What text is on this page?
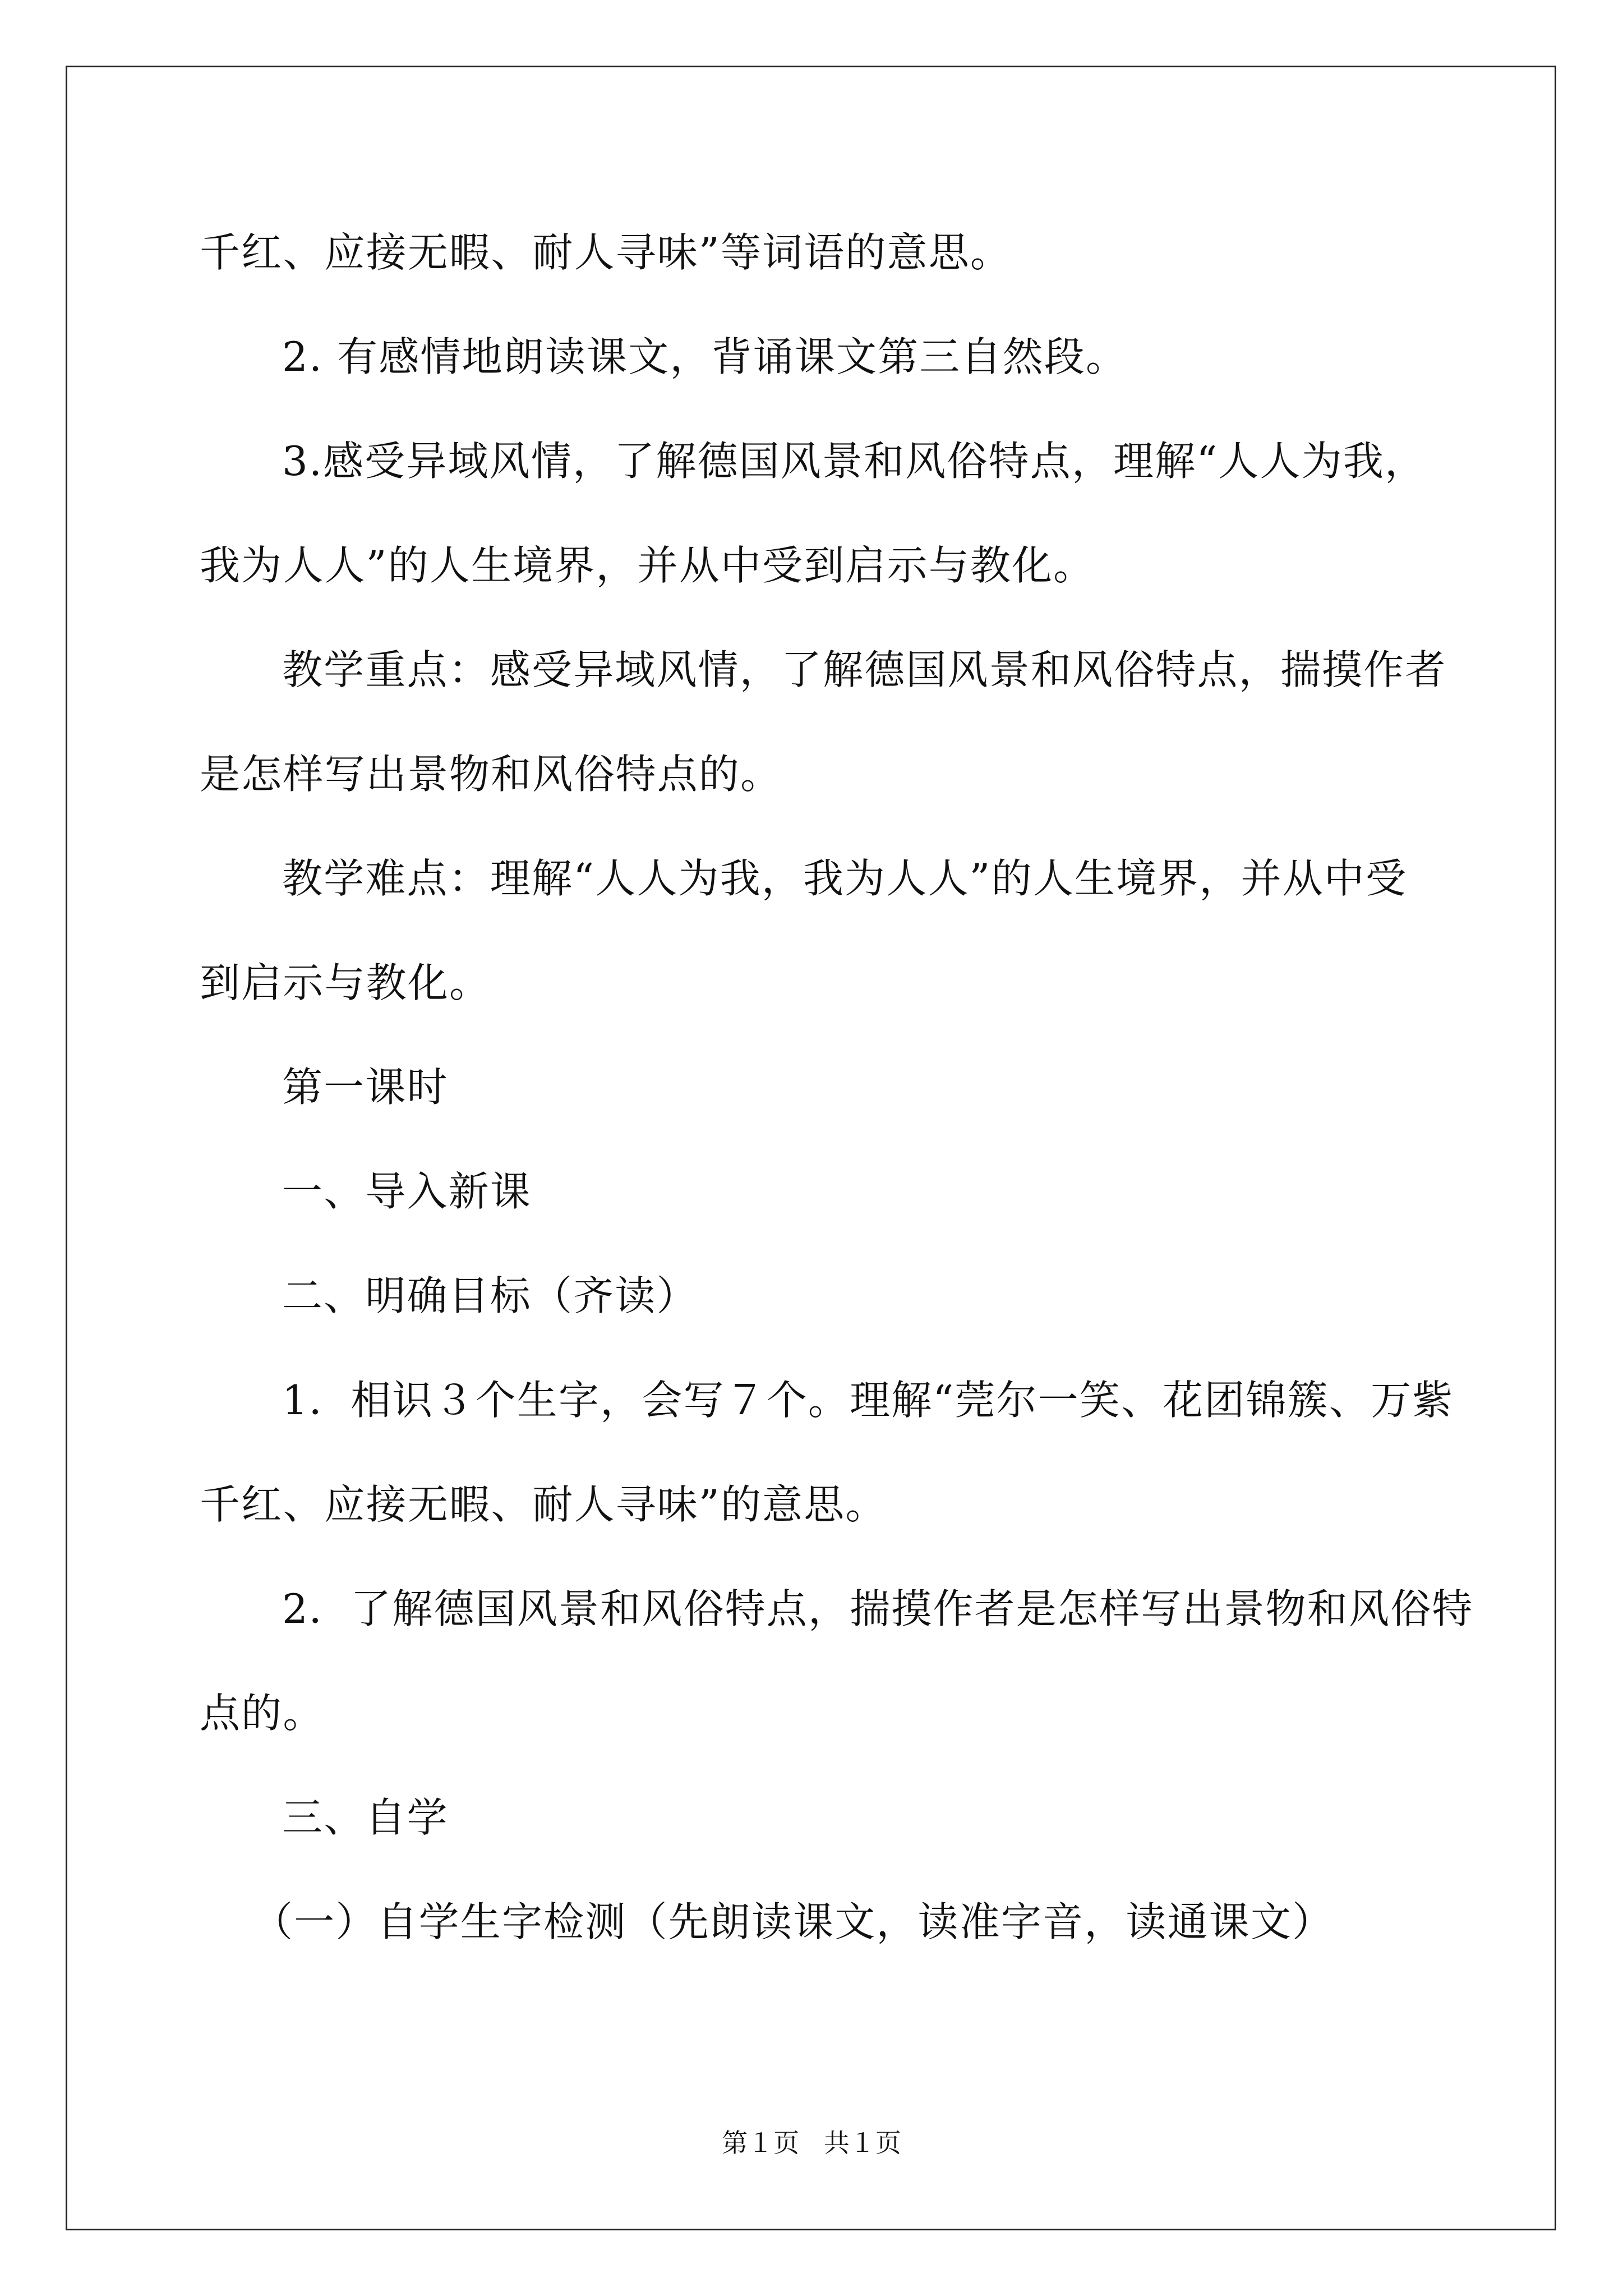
千红、应接无暇、耐人寻味”等词语的意思。
2. 有感情地朗读课文，背诵课文第三自然段。
3.感受异域风情，了解德国风景和风俗特点，理解“人人为我，
我为人人”的人生境界，并从中受到启示与教化。
教学重点：感受异域风情，了解德国风景和风俗特点，揣摸作者
是怎样写出景物和风俗特点的。
教学难点：理解“人人为我，我为人人”的人生境界，并从中受
到启示与教化。
第一课时
一、导入新课
二、明确目标（齐读）
1．相识３个生字，会写７个。理解“莞尔一笑、花团锦簇、万紫
千红、应接无暇、耐人寻味”的意思。
2．了解德国风景和风俗特点，揣摸作者是怎样写出景物和风俗特
点的。
三、自学
（一）自学生字检测（先朗读课文，读准字音，读通课文）
第１页   共１页
